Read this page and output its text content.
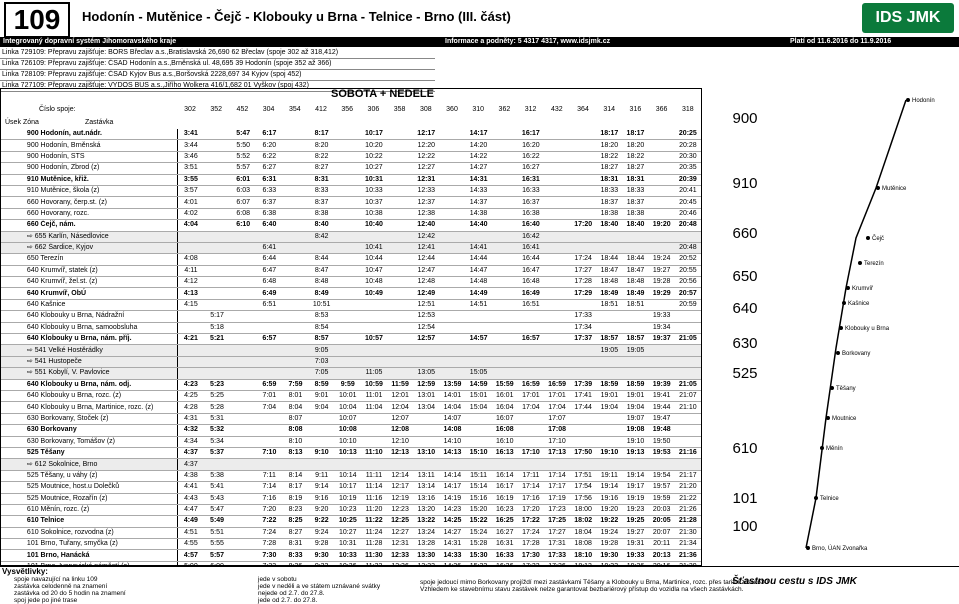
109	Hodonín - Mutěnice - Čejč - Klobouky u Brna - Telnice - Brno (III. část)	IDS JMK
Integrovaný dopravní systém Jihomoravského kraje	Informace a podněty: 5 4317 4317, www.idsjmk.cz	Platí od 11.6.2016 do 11.9.2016
Linka 729109: Přepravu zajišťuje: BORS Břeclav a.s.,Bratislavská 26,690 62 Břeclav (spoje 302 až 318,412)
Linka 726109: Přepravu zajišťuje: ČSAD Hodonín a.s.,Brněnská ul. 48,695 39 Hodonín (spoje 352 až 366)
Linka 728109: Přepravu zajišťuje: ČSAD Kyjov Bus a.s.,Boršovská 2228,697 34 Kyjov (spoj 452)
Linka 727109: Přepravu zajišťuje: VYDOS BUS a.s.,Jiřího Wolkera 416/1,682 01 Vyškov (spoj 432)
SOBOTA + NEDĚLE
Číslo spoje:	302	352	452	304	354	412	356	306	358	308	360	310	362	312	432	364	314	316	366	318
Úsek Zóna	Zastávka
	900 Hodonín, aut.nádr.	3:41		5:47	6:17		8:17		10:17		12:17		14:17		16:17			18:17	18:17		20:25
	900 Hodonín, Brněnská	3:44		5:50	6:20		8:20		10:20		12:20		14:20		16:20			18:20	18:20		20:28
	900 Hodonín, STS	3:46		5:52	6:22		8:22		10:22		12:22		14:22		16:22			18:22	18:22		20:30
	900 Hodonín, Zbrod (z)	3:51		5:57	6:27		8:27		10:27		12:27		14:27		16:27			18:27	18:27		20:35
	910 Mutěnice, křiž.	3:55		6:01	6:31		8:31		10:31		12:31		14:31		16:31			18:31	18:31		20:39
	910 Mutěnice, škola (z)	3:57		6:03	6:33		8:33		10:33		12:33		14:33		16:33			18:33	18:33		20:41
	660 Hovorany, čerp.st. (z)	4:01		6:07	6:37		8:37		10:37		12:37		14:37		16:37			18:37	18:37		20:45
	660 Hovorany, rozc.	4:02		6:08	6:38		8:38		10:38		12:38		14:38		16:38			18:38	18:38		20:46
	660 Čejč, nám.	4:04		6:10	6:40		8:40		10:40		12:40		14:40		16:40		17:20	18:40	18:40	19:20	20:48
	⇨ 655 Karlín, Násedlovice						8:42				12:42				16:42						
	⇨ 662 Šardice, Kyjov				6:41				10:41		12:41		14:41		16:41						20:48
	650 Terezín	4:08			6:44		8:44		10:44		12:44		14:44		16:44		17:24	18:44	18:44	19:24	20:52
	640 Krumvíř, statek (z)	4:11			6:47		8:47		10:47		12:47		14:47		16:47		17:27	18:47	18:47	19:27	20:55
	640 Krumvíř, žel.st. (z)	4:12			6:48		8:48		10:48		12:48		14:48		16:48		17:28	18:48	18:48	19:28	20:56
	640 Krumvíř, ObÚ	4:13			6:49		8:49		10:49		12:49		14:49		16:49		17:29	18:49	18:49	19:29	20:57
	640 Kašnice	4:15			6:51		10:51				12:51		14:51		16:51			18:51	18:51		20:59
	640 Klobouky u Brna, Nádražní		5:17				8:53				12:53						17:33			19:33	
	640 Klobouky u Brna, samoobsluha		5:18				8:54				12:54						17:34			19:34	
	640 Klobouky u Brna, nám. příj.	4:21	5:21		6:57		8:57		10:57		12:57		14:57		16:57		17:37	18:57	18:57	19:37	21:05
	⇨ 541 Velké Hostěrádky						9:05											19:05	19:05		
	⇨ 541 Hustopeče						7:03														
	⇨ 551 Kobylí, V. Pavlovice						7:05		11:05		13:05		15:05								
	640 Klobouky u Brna, nám. odj.	4:23	5:23		6:59	7:59	8:59	9:59	10:59	11:59	12:59	13:59	14:59	15:59	16:59	16:59	17:39	18:59	18:59	19:39	21:05
	640 Klobouky u Brna, rozc. (z)	4:25	5:25		7:01	8:01	9:01	10:01	11:01	12:01	13:01	14:01	15:01	16:01	17:01	17:01	17:41	19:01	19:01	19:41	21:07
	640 Klobouky u Brna, Martinice, rozc. (z)	4:28	5:28		7:04	8:04	9:04	10:04	11:04	12:04	13:04	14:04	15:04	16:04	17:04	17:04	17:44	19:04	19:04	19:44	21:10
	630 Borkovany, Štoček (z)	4:31	5:31			8:07		10:07		12:07		14:07		16:07		17:07			19:07	19:47	
	630 Borkovany	4:32	5:32			8:08		10:08		12:08		14:08		16:08		17:08			19:08	19:48	
	630 Borkovany, Tomášov (z)	4:34	5:34			8:10		10:10		12:10		14:10		16:10		17:10			19:10	19:50	
	525 Těšany	4:37	5:37		7:10	8:13	9:10	10:13	11:10	12:13	13:10	14:13	15:10	16:13	17:10	17:13	17:50	19:10	19:13	19:53	21:16
	⇨ 612 Sokolnice, Brno	4:37																			
	525 Těšany, u váhy (z)	4:38	5:38		7:11	8:14	9:11	10:14	11:11	12:14	13:11	14:14	15:11	16:14	17:11	17:14	17:51	19:11	19:14	19:54	21:17
	525 Moutnice, host.u Dolečků	4:41	5:41		7:14	8:17	9:14	10:17	11:14	12:17	13:14	14:17	15:14	16:17	17:14	17:17	17:54	19:14	19:17	19:57	21:20
	525 Moutnice, Rozařín (z)	4:43	5:43		7:16	8:19	9:16	10:19	11:16	12:19	13:16	14:19	15:16	16:19	17:16	17:19	17:56	19:16	19:19	19:59	21:22
	610 Měnín, rozc. (z)	4:47	5:47		7:20	8:23	9:20	10:23	11:20	12:23	13:20	14:23	15:20	16:23	17:20	17:23	18:00	19:20	19:23	20:03	21:26
	610 Telnice	4:49	5:49		7:22	8:25	9:22	10:25	11:22	12:25	13:22	14:25	15:22	16:25	17:22	17:25	18:02	19:22	19:25	20:05	21:28
	610 Sokolnice, rozvodna (z)	4:51	5:51		7:24	8:27	9:24	10:27	11:24	12:27	13:24	14:27	15:24	16:27	17:24	17:27	18:04	19:24	19:27	20:07	21:30
	101 Brno, Tuřany, smyčka (z)	4:55	5:55		7:28	8:31	9:28	10:31	11:28	12:31	13:28	14:31	15:28	16:31	17:28	17:31	18:08	19:28	19:31	20:11	21:34
	101 Brno, Hanácká	4:57	5:57		7:30	8:33	9:30	10:33	11:30	12:33	13:30	14:33	15:30	16:33	17:30	17:33	18:10	19:30	19:33	20:13	21:36

900
910
660
650
640
630
525
610
101
100
Hodonín
Mutěnice
Čejč
Terezín
Krumvíř
Kašnice
Klobouky u Brna
Borkovany
Těšany
Moutnice
Měnín
Telnice
Brno, ÚAN Zvonařka
Vysvětlivky:
spoje navazující na linku 109
zastávka celodenně na znamení
zastávka od 20 do 5 hodin na znamení
spoj jede po jiné trase
jede v sobotu
jede v neděli a ve státem uznávané svátky
nejede od 2.7. do 27.8.
jede od 2.7. do 27.8.
spoje jedoucí mimo Borkovany projíždí mezi zastávkami Těšany a Klobouky u Brna, Martinice, rozc. přes tarifní zónu 630
Vzhledem ke stavebnímu stavu zastávek nelze garantovat bezbariérový přístup do vozidla na všech zastávkách.
Šťastnou cestu s IDS JMK
